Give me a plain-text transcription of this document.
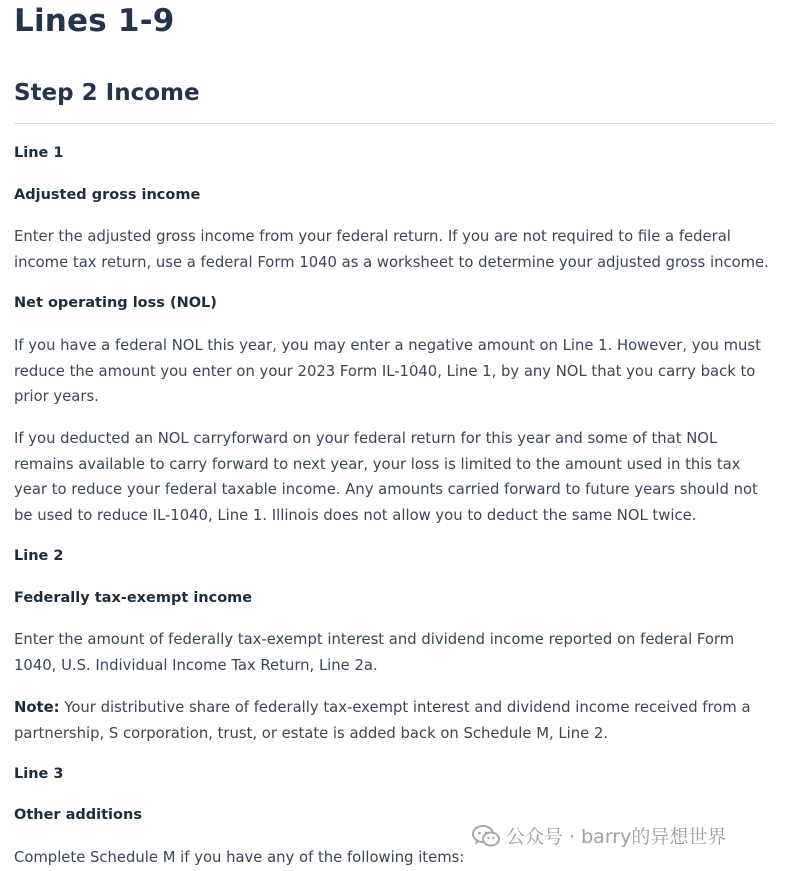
Lines 1-9
Step 2 Income
Line 1
Adjusted gross income
Enter the adjusted gross income from your federal return. If you are not required to file a federal income tax return, use a federal Form 1040 as a worksheet to determine your adjusted gross income.
Net operating loss (NOL)
If you have a federal NOL this year, you may enter a negative amount on Line 1. However, you must reduce the amount you enter on your 2023 Form IL-1040, Line 1, by any NOL that you carry back to prior years.
If you deducted an NOL carryforward on your federal return for this year and some of that NOL remains available to carry forward to next year, your loss is limited to the amount used in this tax year to reduce your federal taxable income. Any amounts carried forward to future years should not be used to reduce IL-1040, Line 1. Illinois does not allow you to deduct the same NOL twice.
Line 2
Federally tax-exempt income
Enter the amount of federally tax-exempt interest and dividend income reported on federal Form 1040, U.S. Individual Income Tax Return, Line 2a.
Note: Your distributive share of federally tax-exempt interest and dividend income received from a partnership, S corporation, trust, or estate is added back on Schedule M, Line 2.
Line 3
Other additions
Complete Schedule M if you have any of the following items:
公众号 · barry的异想世界
